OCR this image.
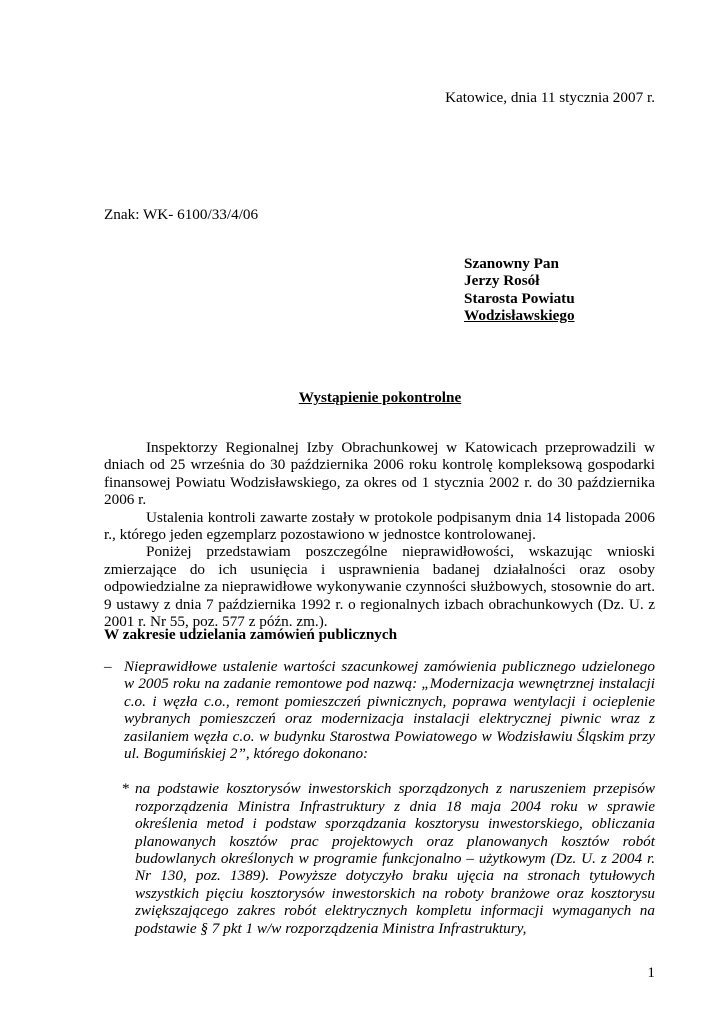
Katowice, dnia 11 stycznia 2007 r.
Znak: WK- 6100/33/4/06
Szanowny Pan
Jerzy Rosół
Starosta Powiatu
Wodzisławskiego
Wystąpienie pokontrolne

Inspektorzy Regionalnej Izby Obrachunkowej w Katowicach przeprowadzili w dniach od 25 września do 30 października 2006 roku kontrolę kompleksową gospodarki finansowej Powiatu Wodzisławskiego, za okres od 1 stycznia 2002 r. do 30 października 2006 r.

Ustalenia kontroli zawarte zostały w protokole podpisanym dnia 14 listopada 2006 r., którego jeden egzemplarz pozostawiono w jednostce kontrolowanej.

Poniżej przedstawiam poszczególne nieprawidłowości, wskazując wnioski zmierzające do ich usunięcia i usprawnienia badanej działalności oraz osoby odpowiedzialne za nieprawidłowe wykonywanie czynności służbowych, stosownie do art. 9 ustawy z dnia 7 października 1992 r. o regionalnych izbach obrachunkowych (Dz. U. z 2001 r. Nr 55, poz. 577 z późn. zm.).

W zakresie udzielania zamówień publicznych
– Nieprawidłowe ustalenie wartości szacunkowej zamówienia publicznego udzielonego w 2005 roku na zadanie remontowe pod nazwą: „Modernizacja wewnętrznej instalacji c.o. i węzła c.o., remont pomieszczeń piwnicznych, poprawa wentylacji i ocieplenie wybranych pomieszczeń oraz modernizacja instalacji elektrycznej piwnic wraz z zasilaniem węzła c.o. w budynku Starostwa Powiatowego w Wodzisławiu Śląskim przy ul. Bogumińskiej 2”, którego dokonano:
* na podstawie kosztorysów inwestorskich sporządzonych z naruszeniem przepisów rozporządzenia Ministra Infrastruktury z dnia 18 maja 2004 roku w sprawie określenia metod i podstaw sporządzania kosztorysu inwestorskiego, obliczania planowanych kosztów prac projektowych oraz planowanych kosztów robót budowlanych określonych w programie funkcjonalno – użytkowym (Dz. U. z 2004 r. Nr 130, poz. 1389). Powyższe dotyczyło braku ujęcia na stronach tytułowych wszystkich pięciu kosztorysów inwestorskich na roboty branżowe oraz kosztorysu zwiększającego zakres robót elektrycznych kompletu informacji wymaganych na podstawie § 7 pkt 1 w/w rozporządzenia Ministra Infrastruktury,
1
